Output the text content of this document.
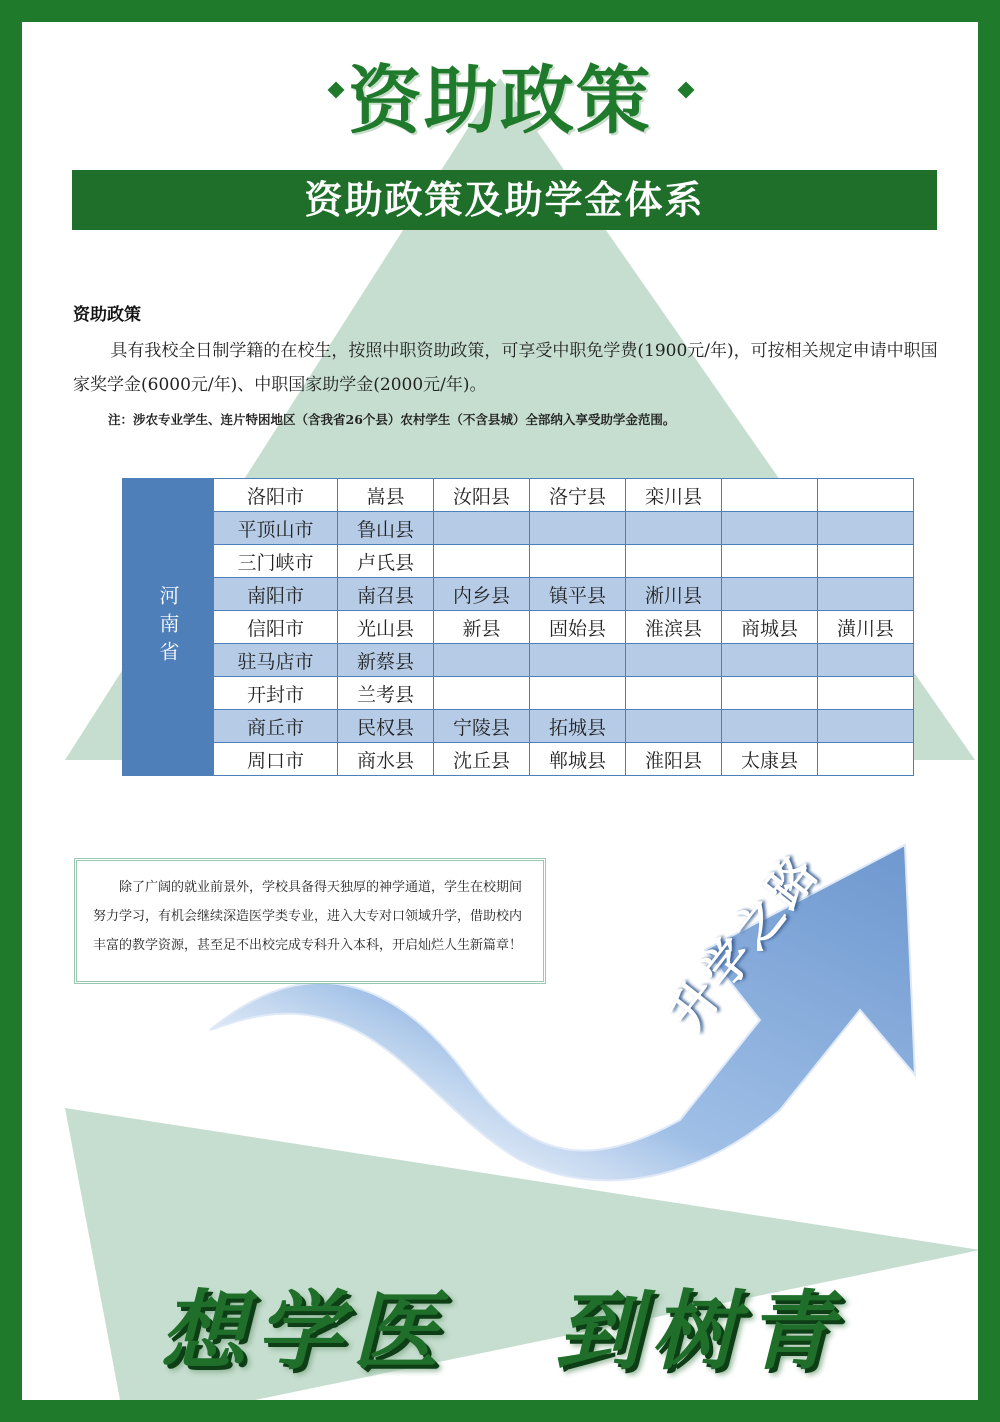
资助政策
资助政策及助学金体系
资助政策
具有我校全日制学籍的在校生，按照中职资助政策，可享受中职免学费(1900元/年)，可按相关规定申请中职国家奖学金(6000元/年)、中职国家助学金(2000元/年)。
注：涉农专业学生、连片特困地区（含我省26个县）农村学生（不含县城）全部纳入享受助学金范围。
河南省	洛阳市	嵩县	汝阳县	洛宁县	栾川县		
	平顶山市	鲁山县					
	三门峡市	卢氏县					
	南阳市	南召县	内乡县	镇平县	淅川县		
	信阳市	光山县	新县	固始县	淮滨县	商城县	潢川县
	驻马店市	新蔡县					
	开封市	兰考县					
	商丘市	民权县	宁陵县	拓城县			
	周口市	商水县	沈丘县	郸城县	淮阳县	太康县	
除了广阔的就业前景外，学校具备得天独厚的神学通道，学生在校期间努力学习，有机会继续深造医学类专业，进入大专对口领域升学，借助校内丰富的教学资源，甚至足不出校完成专科升入本科，开启灿烂人生新篇章！	升学之路
想学医 到树青
